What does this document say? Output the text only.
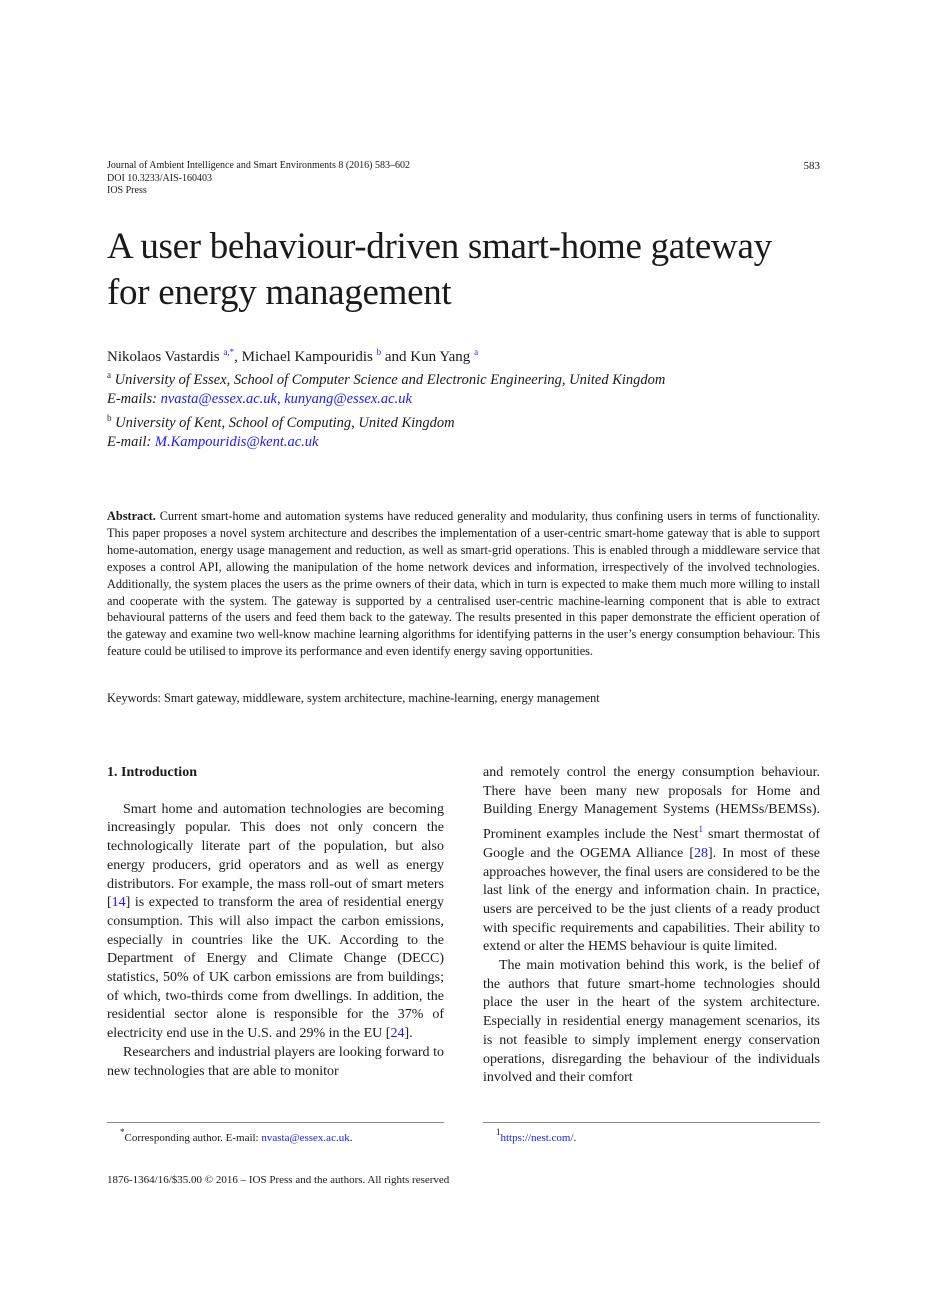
Journal of Ambient Intelligence and Smart Environments 8 (2016) 583–602
DOI 10.3233/AIS-160403
IOS Press
583
A user behaviour-driven smart-home gateway
for energy management
Nikolaos Vastardis $^{a,*}$, Michael Kampouridis $^b$ and Kun Yang $^a$
$^a$ University of Essex, School of Computer Science and Electronic Engineering, United Kingdom
E-mails: nvasta@essex.ac.uk, kunyang@essex.ac.uk
$^b$ University of Kent, School of Computing, United Kingdom
E-mail: M.Kampouridis@kent.ac.uk
Abstract. Current smart-home and automation systems have reduced generality and modularity, thus confining users in terms of functionality. This paper proposes a novel system architecture and describes the implementation of a user-centric smart-home gateway that is able to support home-automation, energy usage management and reduction, as well as smart-grid operations. This is enabled through a middleware service that exposes a control API, allowing the manipulation of the home network devices and information, irrespectively of the involved technologies. Additionally, the system places the users as the prime owners of their data, which in turn is expected to make them much more willing to install and cooperate with the system. The gateway is supported by a centralised user-centric machine-learning component that is able to extract behavioural patterns of the users and feed them back to the gateway. The results presented in this paper demonstrate the efficient operation of the gateway and examine two well-know machine learning algorithms for identifying patterns in the user’s energy consumption behaviour. This feature could be utilised to improve its performance and even identify energy saving opportunities.
Keywords: Smart gateway, middleware, system architecture, machine-learning, energy management
1. Introduction

Smart home and automation technologies are becoming increasingly popular. This does not only concern the technologically literate part of the population, but also energy producers, grid operators and as well as energy distributors. For example, the mass roll-out of smart meters [14] is expected to transform the area of residential energy consumption. This will also impact the carbon emissions, especially in countries like the UK. According to the Department of Energy and Climate Change (DECC) statistics, 50% of UK carbon emissions are from buildings; of which, two-thirds come from dwellings. In addition, the residential sector alone is responsible for the 37% of electricity end use in the U.S. and 29% in the EU [24].

Researchers and industrial players are looking forward to new technologies that are able to monitor

and remotely control the energy consumption behaviour. There have been many new proposals for Home and Building Energy Management Systems (HEMSs/BEMSs). Prominent examples include the Nest$^1$ smart thermostat of Google and the OGEMA Alliance [28]. In most of these approaches however, the final users are considered to be the last link of the energy and information chain. In practice, users are perceived to be the just clients of a ready product with specific requirements and capabilities. Their ability to extend or alter the HEMS behaviour is quite limited.

The main motivation behind this work, is the belief of the authors that future smart-home technologies should place the user in the heart of the system architecture. Especially in residential energy management scenarios, its is not feasible to simply implement energy conservation operations, disregarding the behaviour of the individuals involved and their comfort

*Corresponding author. E-mail: nvasta@essex.ac.uk.	$^1$https://nest.com/.
1876-1364/16/$35.00 © 2016 – IOS Press and the authors. All rights reserved
